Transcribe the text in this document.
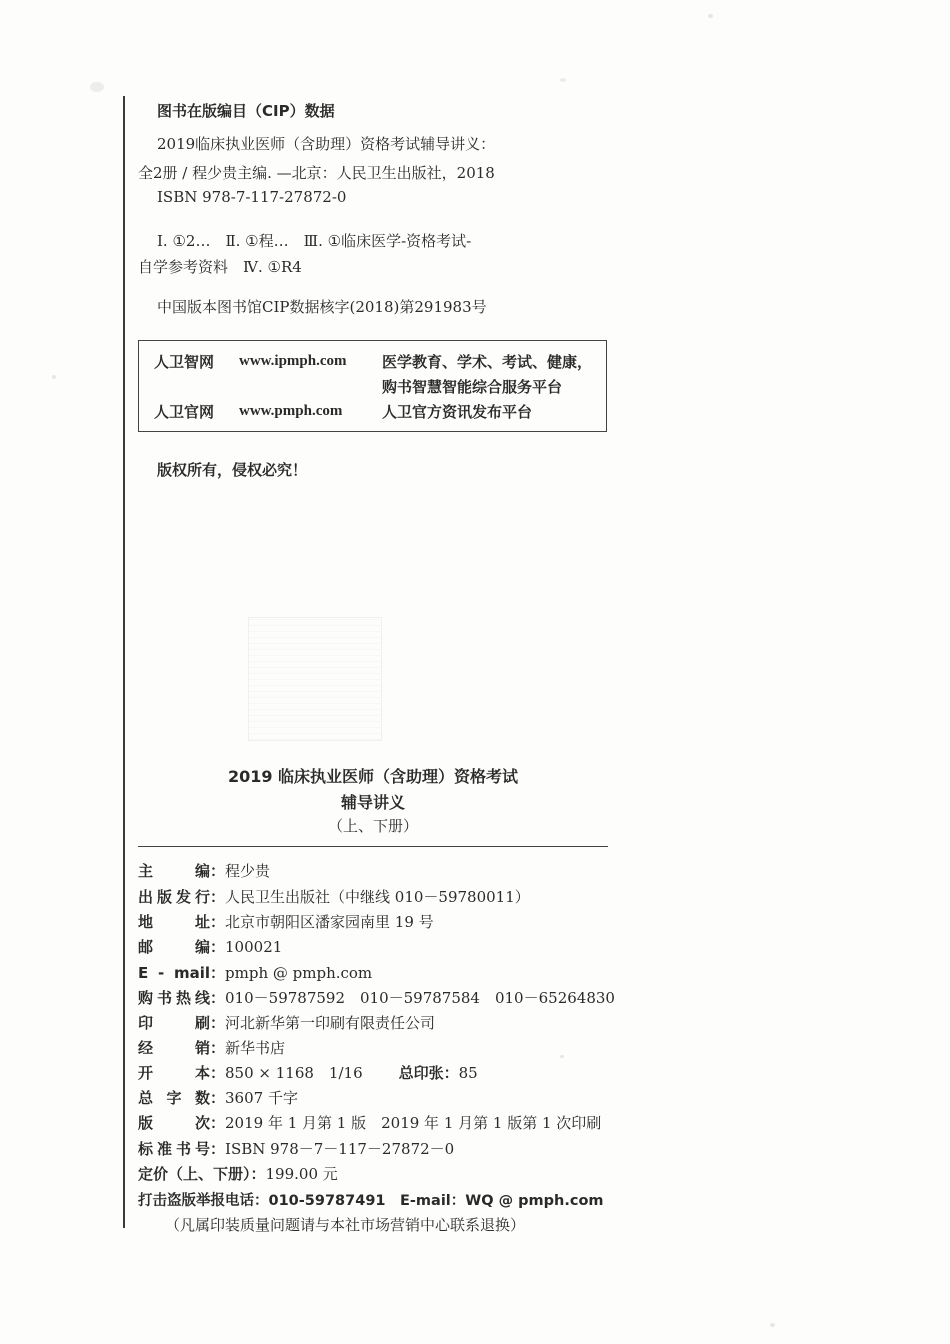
图书在版编目（CIP）数据
2019临床执业医师（含助理）资格考试辅导讲义：
全2册 / 程少贵主编. —北京：人民卫生出版社，2018
ISBN 978-7-117-27872-0
Ⅰ. ①2…　Ⅱ. ①程…　Ⅲ. ①临床医学-资格考试-
自学参考资料　Ⅳ. ①R4
中国版本图书馆CIP数据核字(2018)第291983号
人卫智网 www.ipmph.com 医学教育、学术、考试、健康，
购书智慧智能综合服务平台
人卫官网 www.pmph.com	人卫官方资讯发布平台
版权所有，侵权必究！
2019 临床执业医师（含助理）资格考试
辅导讲义
（上、下册）
主　编：程少贵
出版发行：人民卫生出版社（中继线 010－59780011）
地　址：北京市朝阳区潘家园南里 19 号
邮　编：100021
E - mail：pmph @ pmph.com
购书热线：010－59787592　010－59787584　010－65264830
印　刷：河北新华第一印刷有限责任公司
经　销：新华书店
开　本：850 × 1168　1/16 总印张：85
总 字 数：3607 千字
版　次：2019 年 1 月第 1 版　2019 年 1 月第 1 版第 1 次印刷
标准书号：ISBN 978－7－117－27872－0
定价（上、下册）：199.00 元
打击盗版举报电话：010-59787491　E-mail：WQ @ pmph.com
（凡属印装质量问题请与本社市场营销中心联系退换）
